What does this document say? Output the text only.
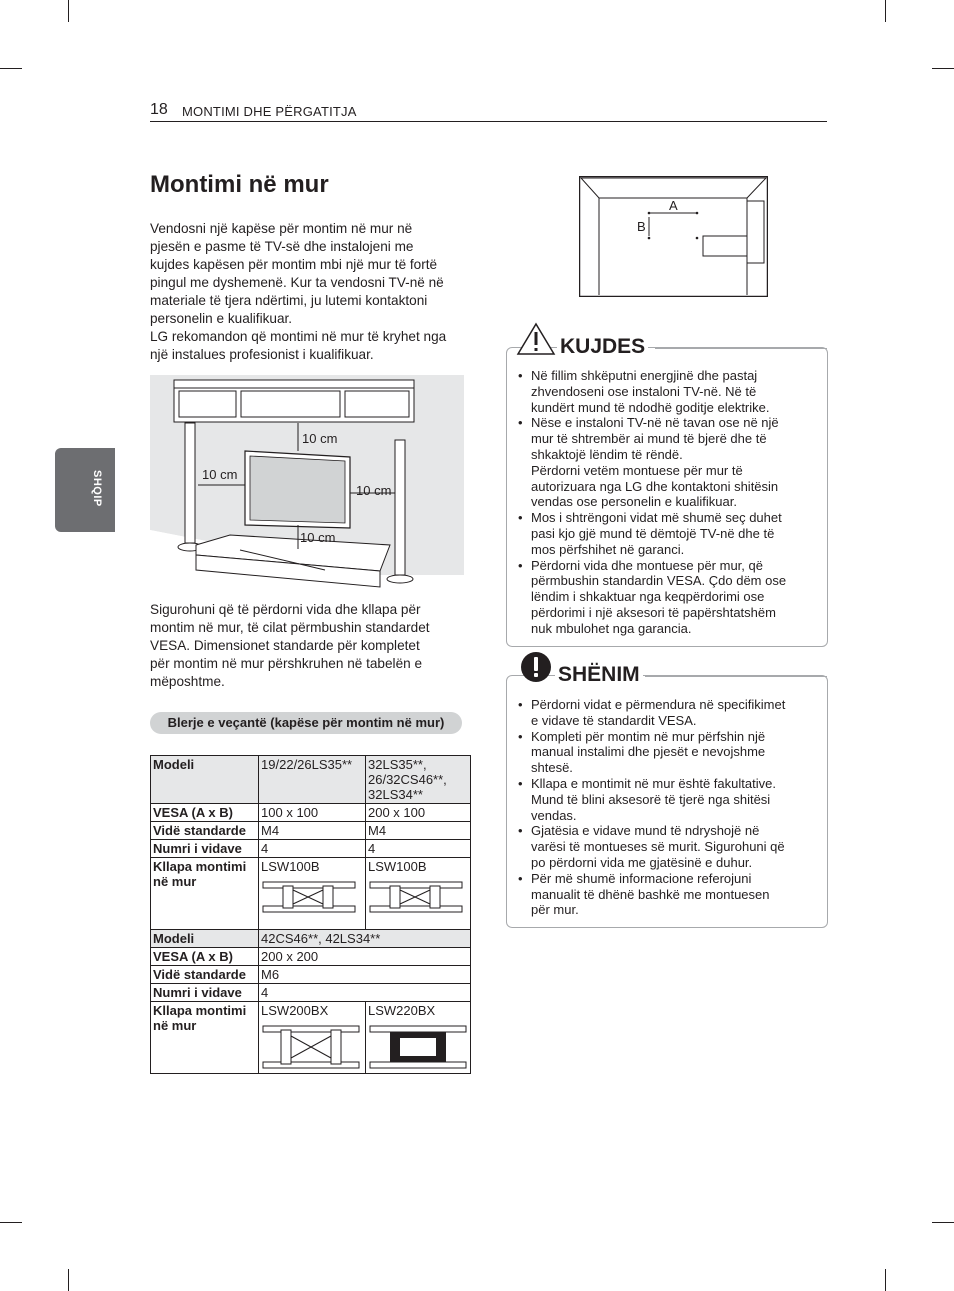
18 MONTIMI DHE PËRGATITJA
SHQIP
Montimi në mur
Vendosni një kapëse për montim në mur në
pjesën e pasme të TV-së dhe instalojeni me
kujdes kapësen për montim mbi një mur të fortë
pingul me dyshemenë. Kur ta vendosni TV-në në
materiale të tjera ndërtimi, ju lutemi kontaktoni
personelin e kualifikuar.
LG rekomandon që montimi në mur të kryhet nga
një instalues profesionist i kualifikuar.
10 cm
10 cm
10 cm
10 cm
Sigurohuni që të përdorni vida dhe kllapa për
montim në mur, të cilat përmbushin standardet
VESA. Dimensionet standarde për kompletet
për montim në mur përshkruhen në tabelën e
mëposhtme.
Blerje e veçantë (kapëse për montim në mur)
Modeli	19/22/26LS35**	32LS35**,
26/32CS46**,
32LS34**

VESA (A x B)	100 x 100	200 x 100
Vidë standarde	M4	M4
Numri i vidave	4	4

Kllapa montimi
në mur	LSW100B	LSW100B

Modeli	42CS46**, 42LS34**	
VESA (A x B)	200 x 200	
Vidë standarde	M6	
Numri i vidave	4	

Kllapa montimi
në mur	LSW200BX	LSW220BX
A
B
KUJDES
• Në fillim shkëputni energjinë dhe pastaj
zhvendoseni ose instaloni TV-në. Në të
kundërt mund të ndodhë goditje elektrike.
• Nëse e instaloni TV-në në tavan ose në një
mur të shtrembër ai mund të bjerë dhe të
shkaktojë lëndim të rëndë.
Përdorni vetëm montuese për mur të
autorizuara nga LG dhe kontaktoni shitësin
vendas ose personelin e kualifikuar.
• Mos i shtrëngoni vidat më shumë seç duhet
pasi kjo gjë mund të dëmtojë TV-në dhe të
mos përfshihet në garanci.
• Përdorni vida dhe montuese për mur, që
përmbushin standardin VESA. Çdo dëm ose
lëndim i shkaktuar nga keqpërdorimi ose
përdorimi i një aksesori të papërshtatshëm
nuk mbulohet nga garancia.
SHËNIM
• Përdorni vidat e përmendura në specifikimet
e vidave të standardit VESA.
• Kompleti për montim në mur përfshin një
manual instalimi dhe pjesët e nevojshme
shtesë.
• Kllapa e montimit në mur është fakultative.
Mund të blini aksesorë të tjerë nga shitësi
vendas.
• Gjatësia e vidave mund të ndryshojë në
varësi të montueses së murit. Sigurohuni që
po përdorni vida me gjatësinë e duhur.
• Për më shumë informacione referojuni
manualit të dhënë bashkë me montuesen
për mur.
